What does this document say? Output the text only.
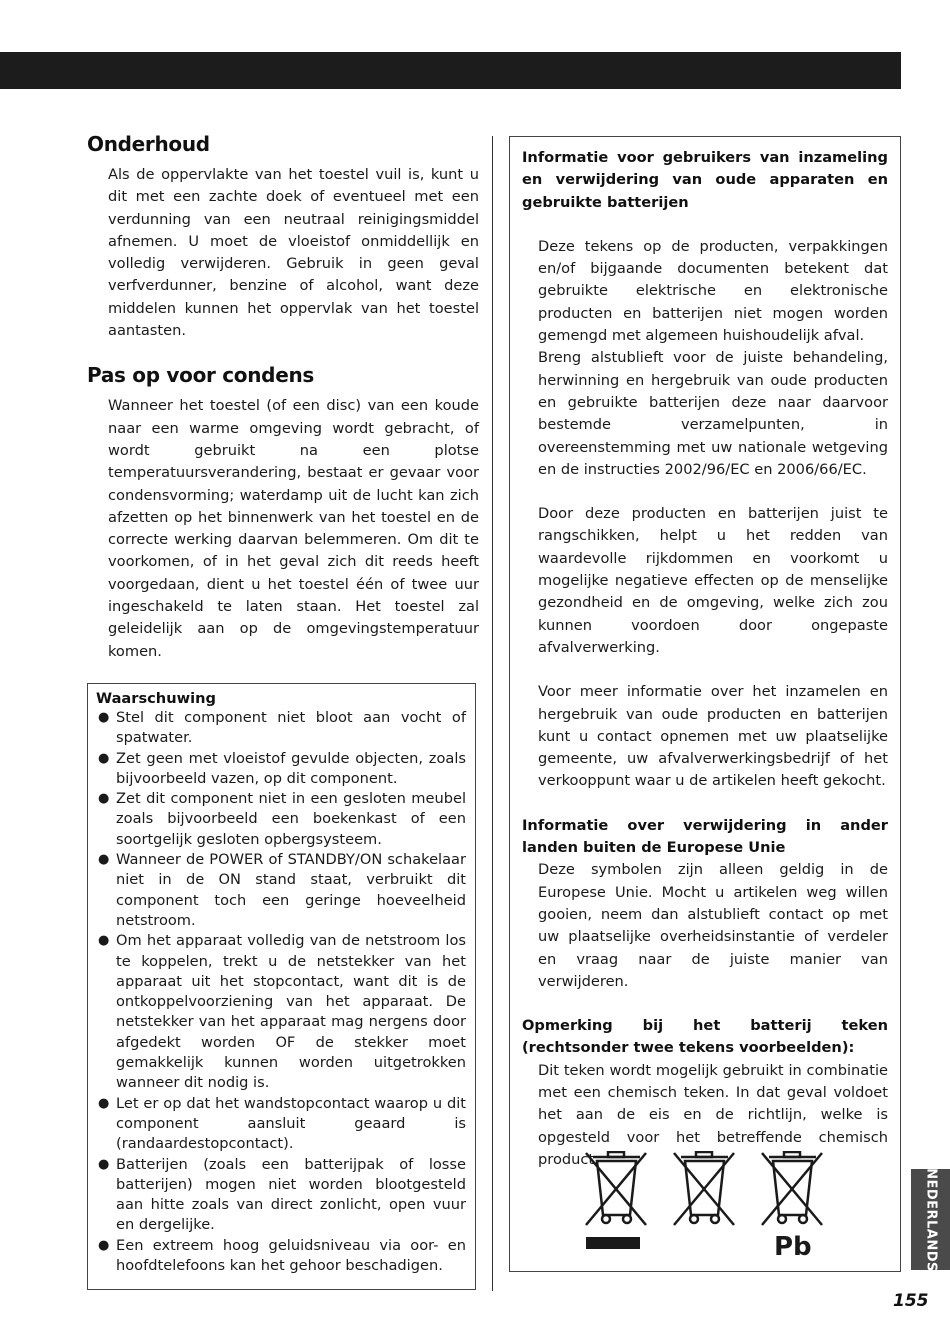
Onderhoud

Als de oppervlakte van het toestel vuil is, kunt u dit met een zachte doek of eventueel met een verdunning van een neutraal reinigingsmiddel afnemen. U moet de vloeistof onmiddellijk en volledig verwijderen. Gebruik in geen geval verfverdunner, benzine of alcohol, want deze middelen kunnen het oppervlak van het toestel aantasten.

Pas op voor condens

Wanneer het toestel (of een disc) van een koude naar een warme omgeving wordt gebracht, of wordt gebruikt na een plotse temperatuursverandering, bestaat er gevaar voor condensvorming; waterdamp uit de lucht kan zich afzetten op het binnenwerk van het toestel en de correcte werking daarvan belemmeren. Om dit te voorkomen, of in het geval zich dit reeds heeft voorgedaan, dient u het toestel één of twee uur ingeschakeld te laten staan. Het toestel zal geleidelijk aan op de omgevingstemperatuur komen.

Waarschuwing
● Stel dit component niet bloot aan vocht of spatwater.
● Zet geen met vloeistof gevulde objecten, zoals bijvoorbeeld vazen, op dit component.
● Zet dit component niet in een gesloten meubel zoals bijvoorbeeld een boekenkast of een soortgelijk gesloten opbergsysteem.
● Wanneer de POWER of STANDBY/ON schakelaar niet in de ON stand staat, verbruikt dit component toch een geringe hoeveelheid netstroom.
● Om het apparaat volledig van de netstroom los te koppelen, trekt u de netstekker van het apparaat uit het stopcontact, want dit is de ontkoppelvoorziening van het apparaat. De netstekker van het apparaat mag nergens door afgedekt worden OF de stekker moet gemakkelijk kunnen worden uitgetrokken wanneer dit nodig is.
● Let er op dat het wandstopcontact waarop u dit component aansluit geaard is (randaardestopcontact).
● Batterijen (zoals een batterijpak of losse batterijen) mogen niet worden blootgesteld aan hitte zoals van direct zonlicht, open vuur en dergelijke.
● Een extreem hoog geluidsniveau via oor- en hoofdtelefoons kan het gehoor beschadigen.

Informatie voor gebruikers van inzameling en verwijdering van oude apparaten en gebruikte batterijen

Deze tekens op de producten, verpakkingen en/of bijgaande documenten betekent dat gebruikte elektrische en elektronische producten en batterijen niet mogen worden gemengd met algemeen huishoudelijk afval.

Breng alstublieft voor de juiste behandeling, herwinning en hergebruik van oude producten en gebruikte batterijen deze naar daarvoor bestemde verzamelpunten, in overeenstemming met uw nationale wetgeving en de instructies 2002/96/EC en 2006/66/EC.

Door deze producten en batterijen juist te rangschikken, helpt u het redden van waardevolle rijkdommen en voorkomt u mogelijke negatieve effecten op de menselijke gezondheid en de omgeving, welke zich zou kunnen voordoen door ongepaste afvalverwerking.

Voor meer informatie over het inzamelen en hergebruik van oude producten en batterijen kunt u contact opnemen met uw plaatselijke gemeente, uw afvalverwerkingsbedrijf of het verkooppunt waar u de artikelen heeft gekocht.

Informatie over verwijdering in ander landen buiten de Europese Unie

Deze symbolen zijn alleen geldig in de Europese Unie. Mocht u artikelen weg willen gooien, neem dan alstublieft contact op met uw plaatselijke overheidsinstantie of verdeler en vraag naar de juiste manier van verwijderen.

Opmerking bij het batterij teken (rechtsonder twee tekens voorbeelden):

Dit teken wordt mogelijk gebruikt in combinatie met een chemisch teken. In dat geval voldoet het aan de eis en de richtlijn, welke is opgesteld voor het betreffende chemisch product.

Pb	NEDERLANDS
155
